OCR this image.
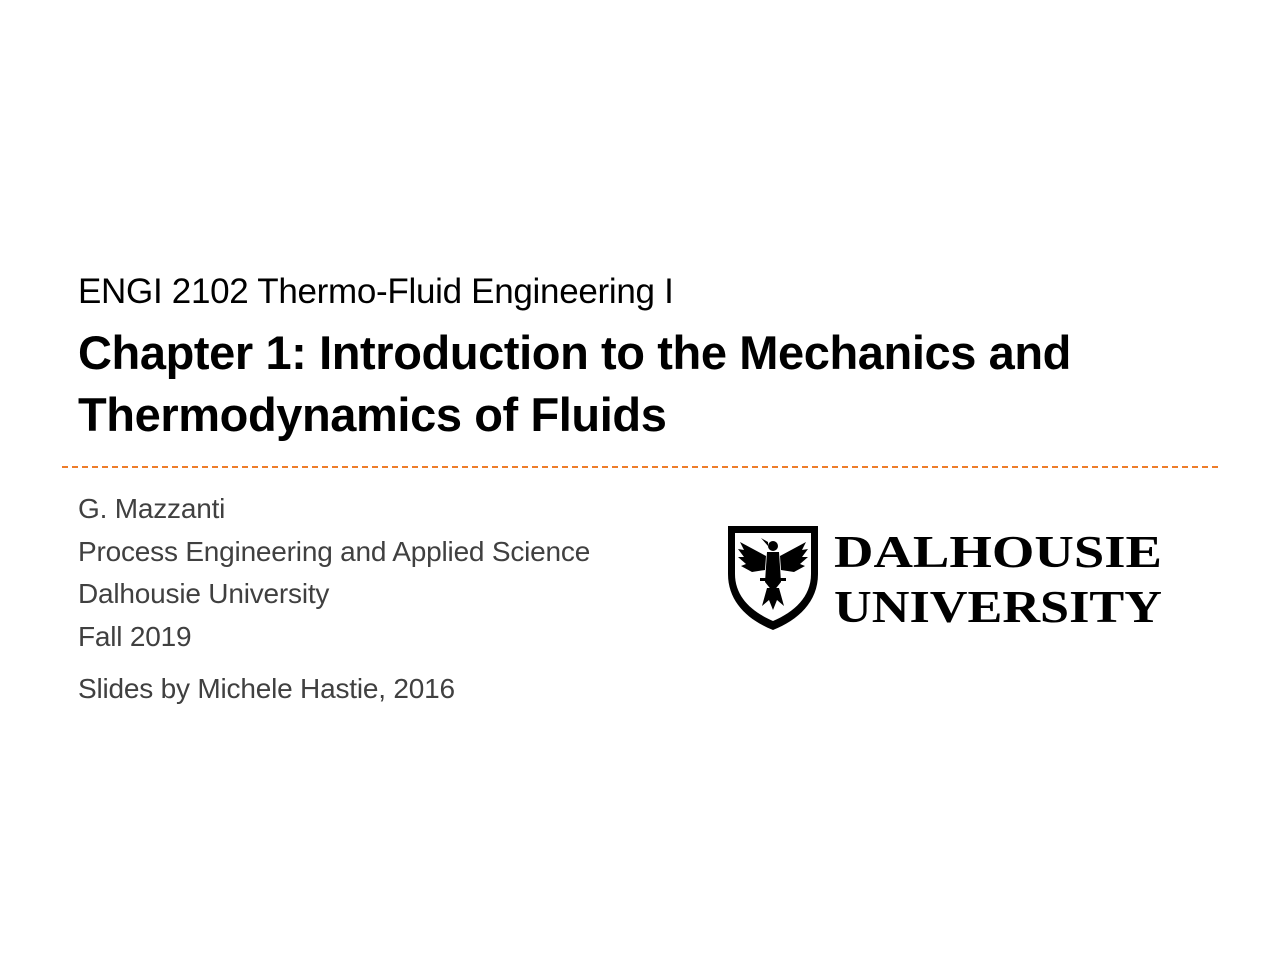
ENGI 2102 Thermo-Fluid Engineering I
Chapter 1: Introduction to the Mechanics and
Thermodynamics of Fluids
G. Mazzanti
Process Engineering and Applied Science
Dalhousie University
Fall 2019
Slides by Michele Hastie, 2016
DALHOUSIE
UNIVERSITY
